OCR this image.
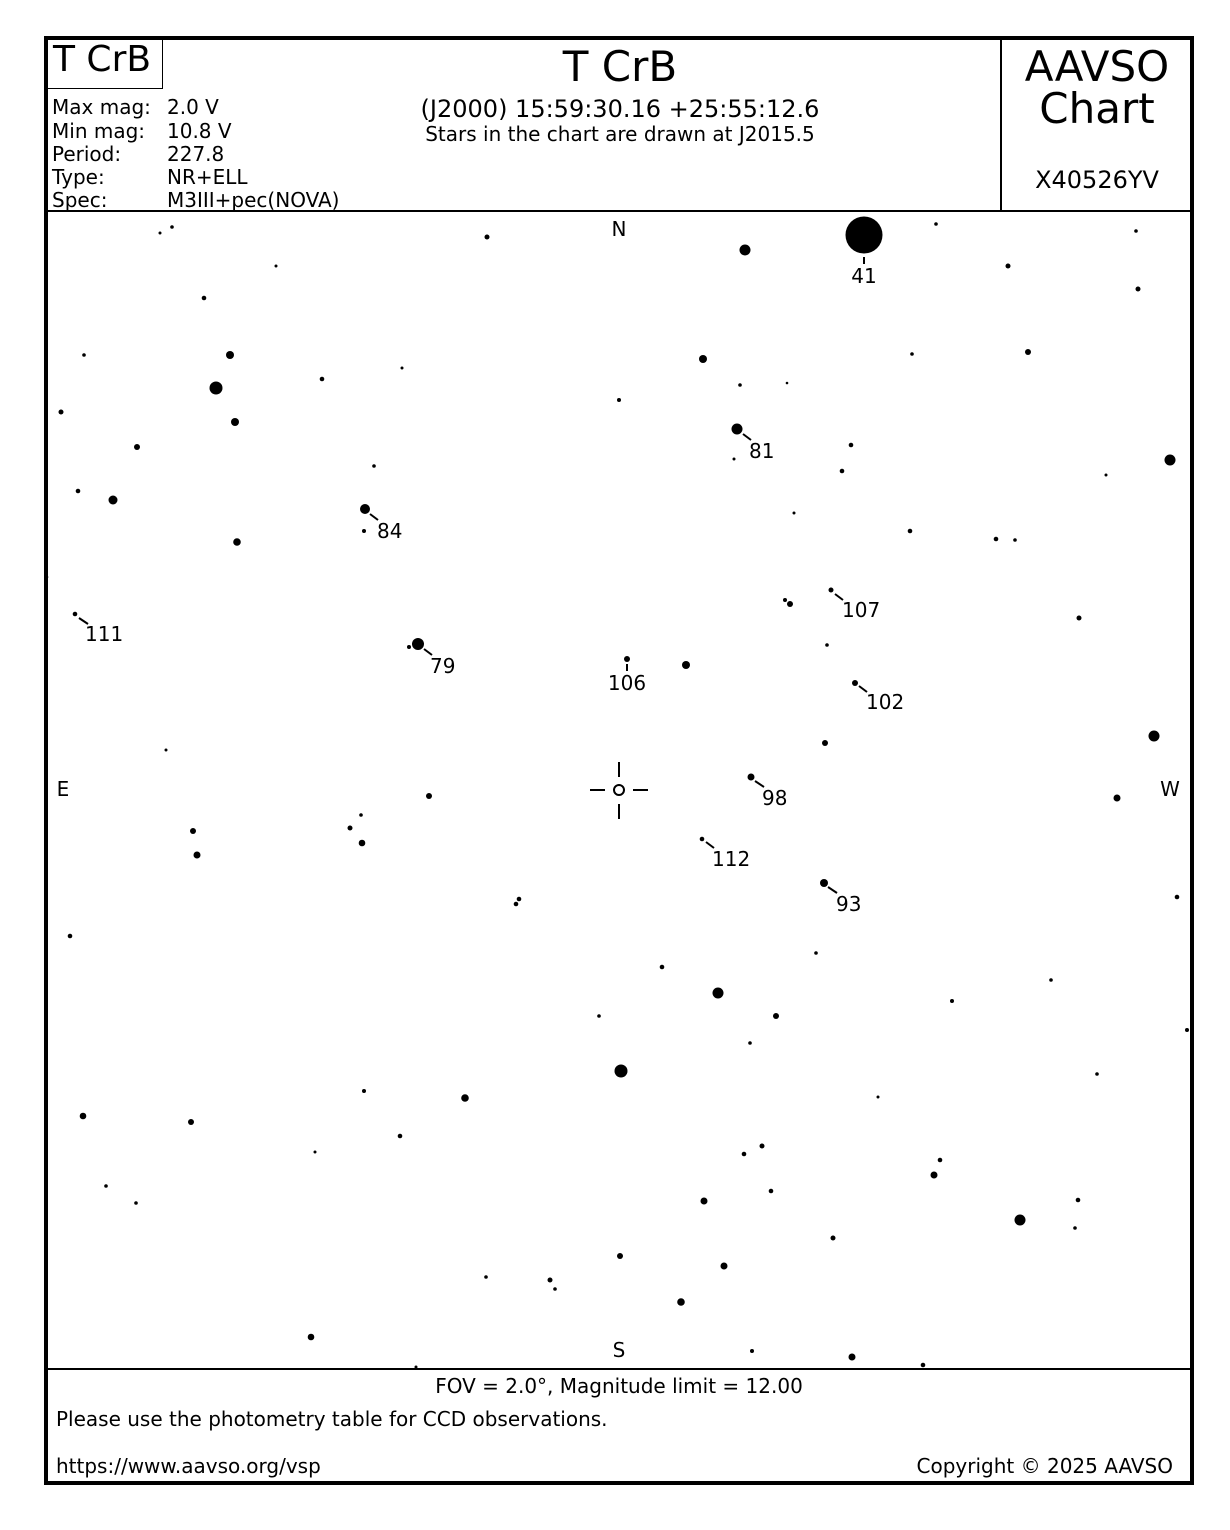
T CrB	T CrB
(J2000) 15:59:30.16 +25:55:12.6
Stars in the chart are drawn at J2015.5
AAVSO
Chart
X40526YV
Max mag: 2.0 V
Min mag: 10.8 V
Period: 227.8
Type:	NR+ELL
Spec:	M3III+pec(NOVA)
41
81
84
107
111
79
106
102
98
112
93
N
S
E	W
FOV = 2.0°, Magnitude limit = 12.00
Please use the photometry table for CCD observations.
https://www.aavso.org/vsp	Copyright © 2025 AAVSO
